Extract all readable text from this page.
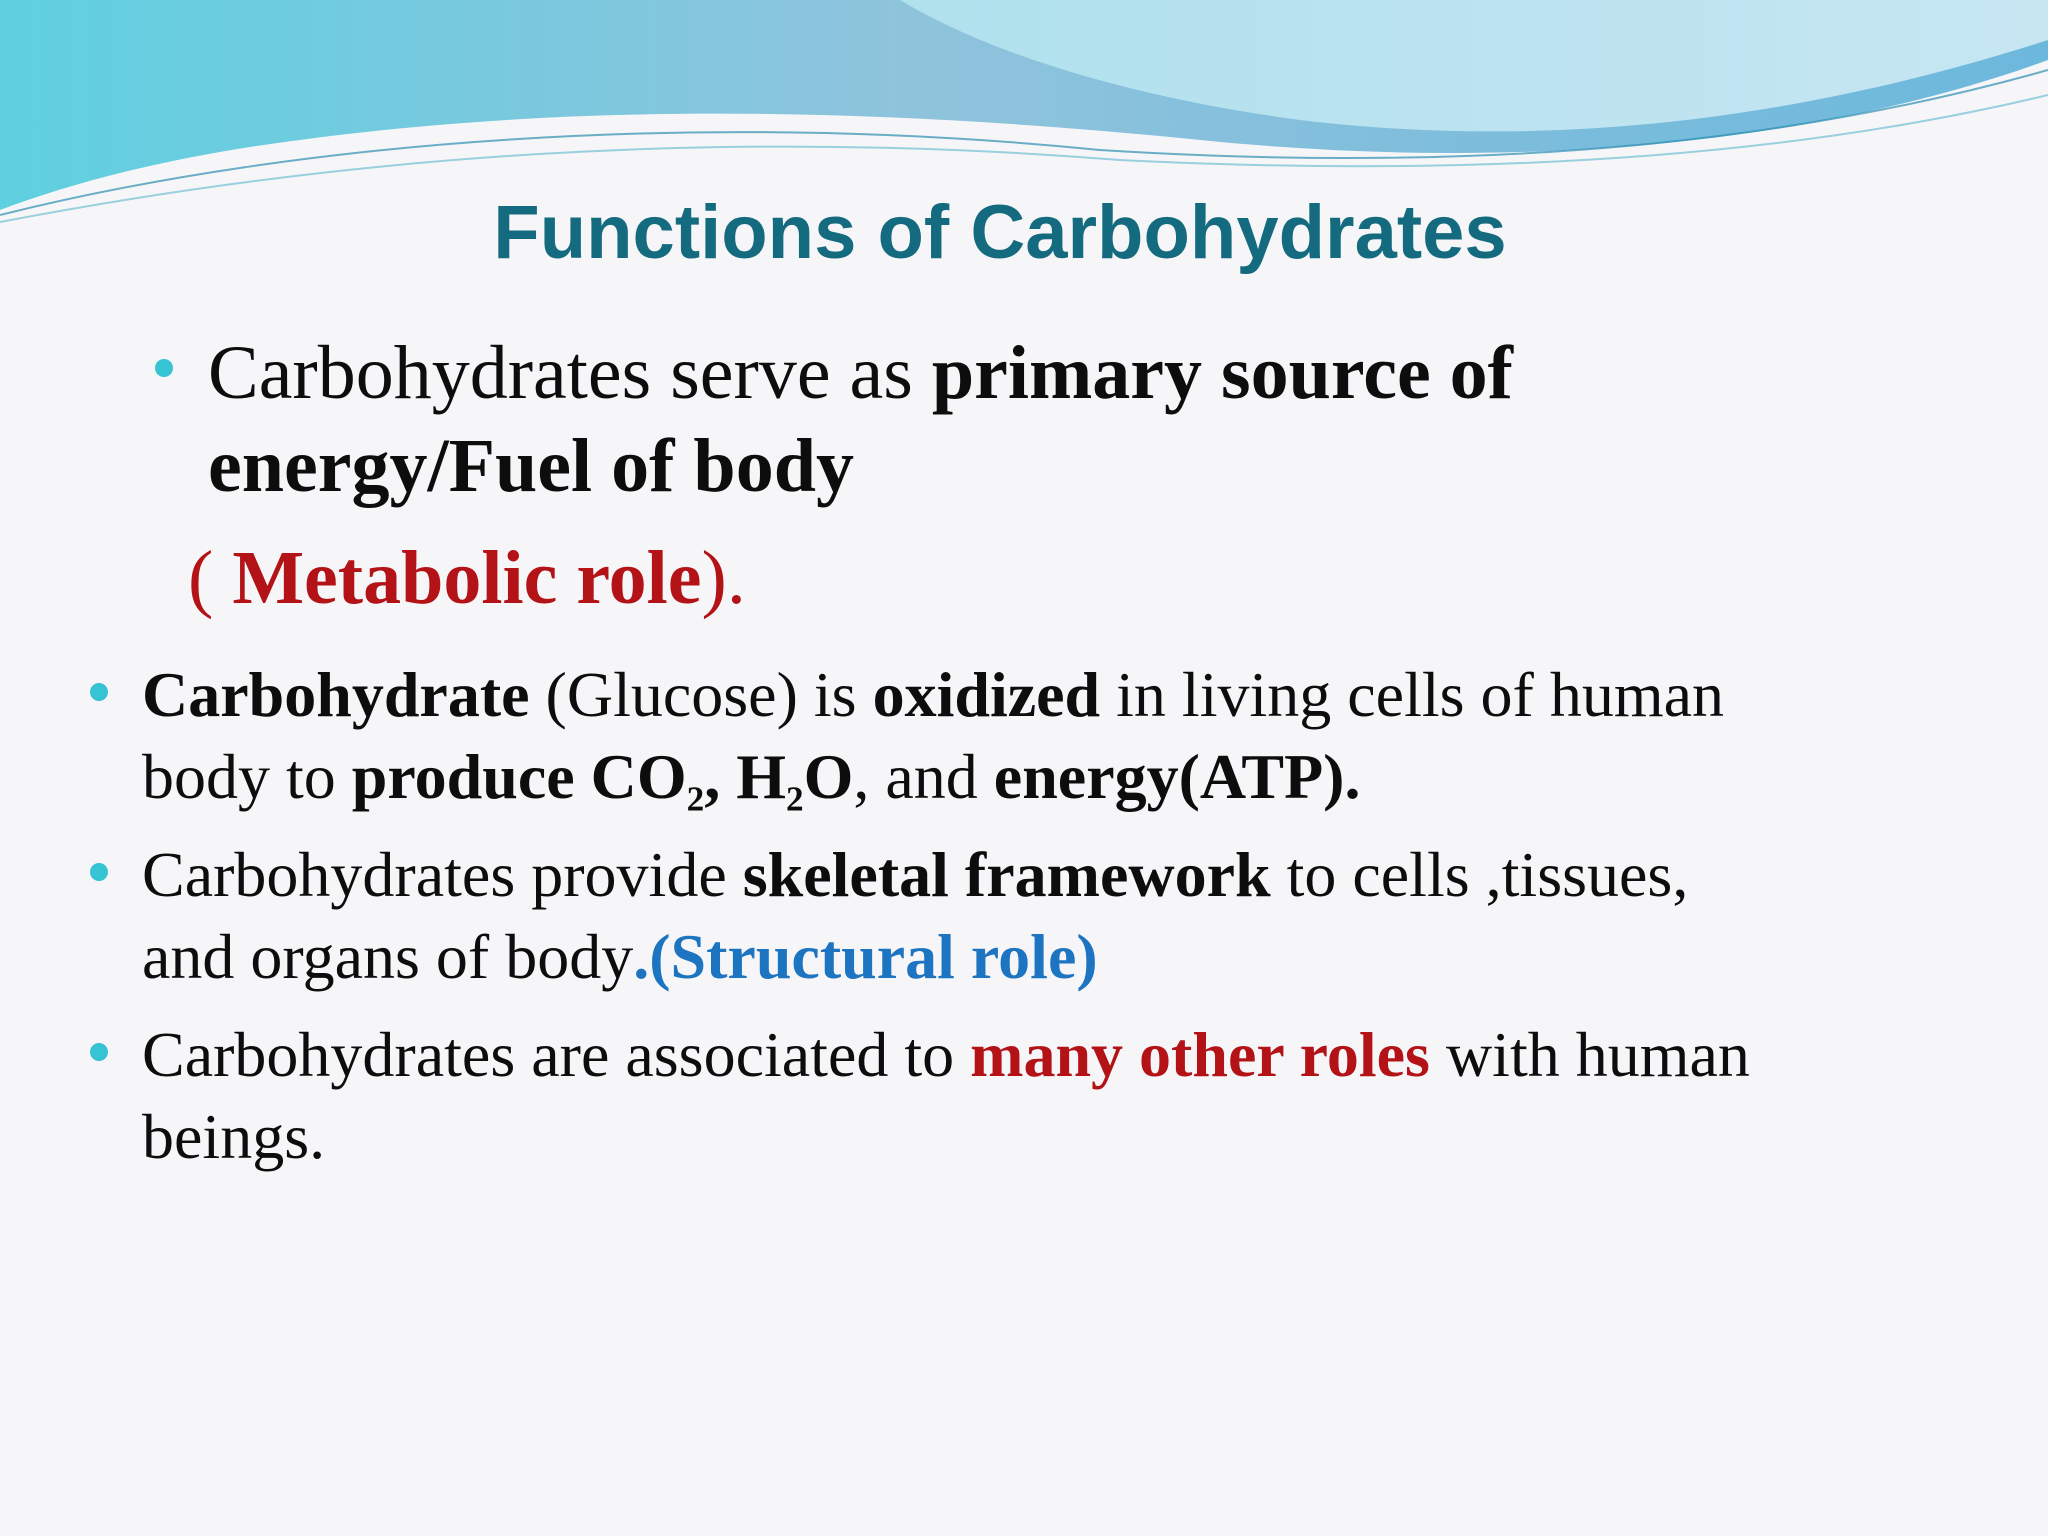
Functions of Carbohydrates
Carbohydrates serve as primary source of
energy/Fuel of body
( Metabolic role).
Carbohydrate (Glucose) is oxidized in living cells of human
body to produce $CO_2$, $H_2O$, and energy(ATP).
Carbohydrates provide skeletal framework to cells ,tissues,
and organs of body.(Structural role)
Carbohydrates are associated to many other roles with human
beings.
